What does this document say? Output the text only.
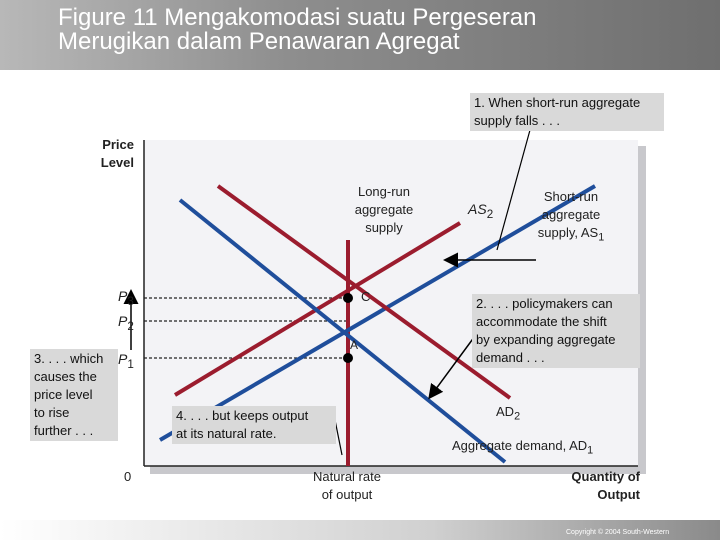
Figure 11 Mengakomodasi suatu Pergeseran
Merugikan dalam Penawaran Agregat
Price
Level
Quantity of
Output
0
$P_3$
$P_2$
$P_1$
C
A
Long-run
aggregate
supply
$AS_2$
Short-run
aggregate
supply, $AS_1$
$AD_2$
Aggregate demand, $AD_1$
Natural rate
of output
1. When short-run aggregate
supply falls . . .
2. . . . policymakers can
accommodate the shift
by expanding aggregate
demand . . .
3. . . . which
causes the
price level
to rise
further . . .
4. . . . but keeps output
at its natural rate.
Copyright © 2004 South-Western
